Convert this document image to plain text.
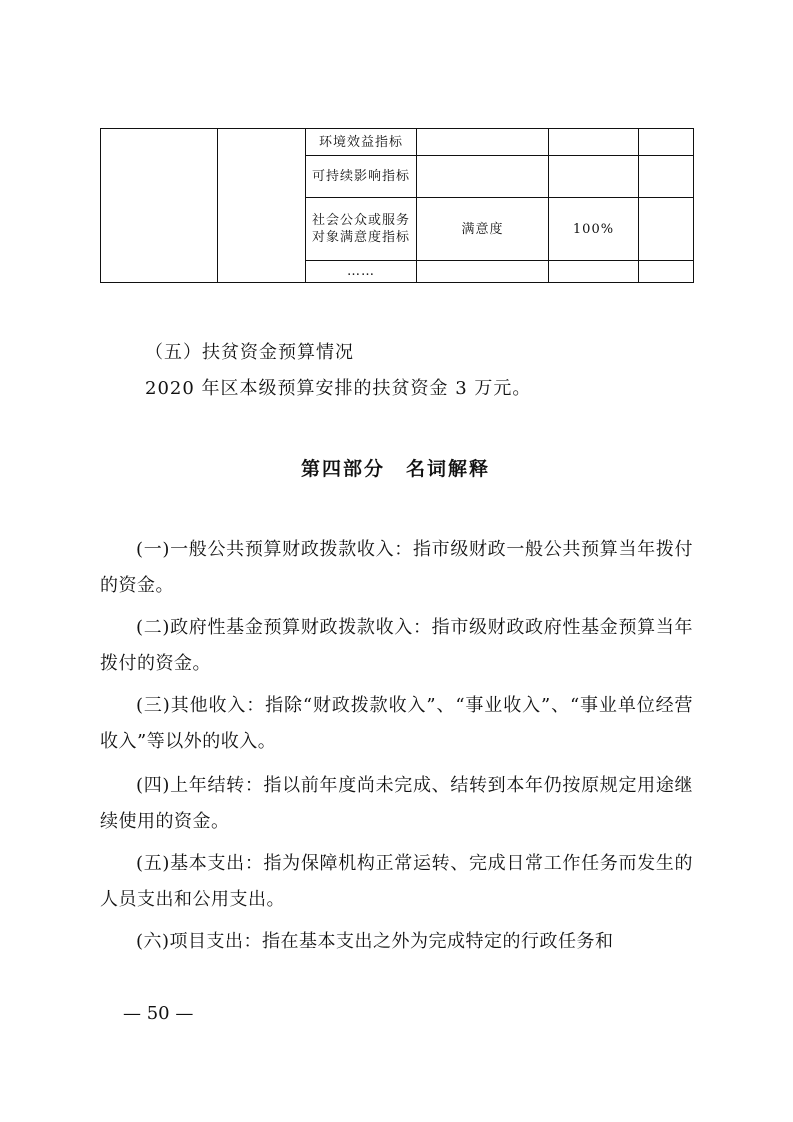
		环境效益指标			
		可持续影响指标			
		社会公众或服务对象满意度指标	满意度	100%	
		……			
（五）扶贫资金预算情况
2020 年区本级预算安排的扶贫资金 3 万元。
第四部分　名词解释
(一)一般公共预算财政拨款收入：指市级财政一般公共预算当年拨付的资金。
(二)政府性基金预算财政拨款收入：指市级财政政府性基金预算当年拨付的资金。
(三)其他收入：指除“财政拨款收入”、“事业收入”、“事业单位经营收入”等以外的收入。
(四)上年结转：指以前年度尚未完成、结转到本年仍按原规定用途继续使用的资金。
(五)基本支出：指为保障机构正常运转、完成日常工作任务而发生的人员支出和公用支出。
(六)项目支出：指在基本支出之外为完成特定的行政任务和
— 50 —
